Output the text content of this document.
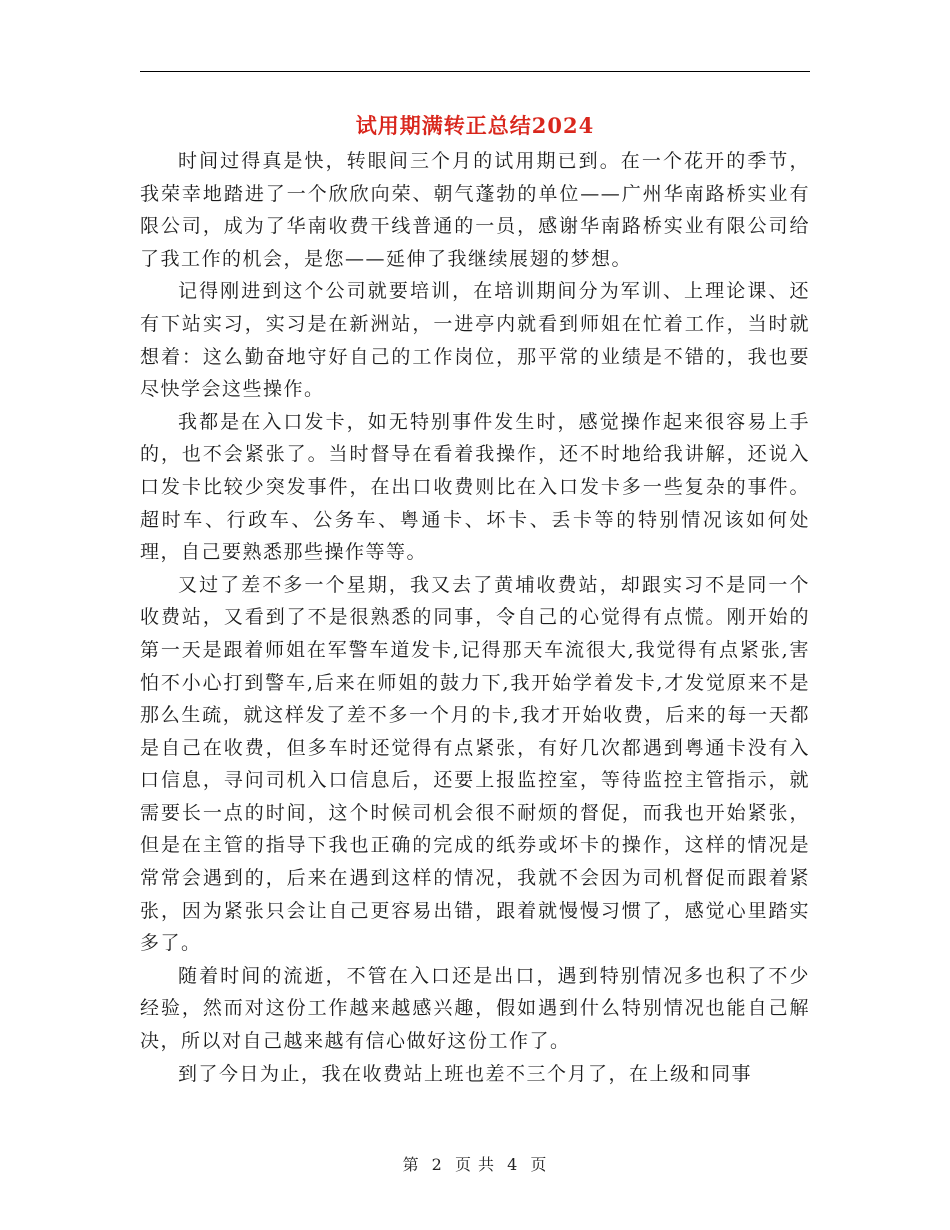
试用期满转正总结2024

时间过得真是快，转眼间三个月的试用期已到。在一个花开的季节，我荣幸地踏进了一个欣欣向荣、朝气蓬勃的单位——广州华南路桥实业有限公司，成为了华南收费干线普通的一员，感谢华南路桥实业有限公司给了我工作的机会，是您——延伸了我继续展翅的梦想。

记得刚进到这个公司就要培训，在培训期间分为军训、上理论课、还有下站实习，实习是在新洲站，一进亭内就看到师姐在忙着工作，当时就想着：这么勤奋地守好自己的工作岗位，那平常的业绩是不错的，我也要尽快学会这些操作。

我都是在入口发卡，如无特别事件发生时，感觉操作起来很容易上手的，也不会紧张了。当时督导在看着我操作，还不时地给我讲解，还说入口发卡比较少突发事件，在出口收费则比在入口发卡多一些复杂的事件。超时车、行政车、公务车、粤通卡、坏卡、丢卡等的特别情况该如何处理，自己要熟悉那些操作等等。

又过了差不多一个星期，我又去了黄埔收费站，却跟实习不是同一个收费站，又看到了不是很熟悉的同事，令自己的心觉得有点慌。刚开始的第一天是跟着师姐在军警车道发卡,记得那天车流很大,我觉得有点紧张,害怕不小心打到警车,后来在师姐的鼓力下,我开始学着发卡,才发觉原来不是那么生疏，就这样发了差不多一个月的卡,我才开始收费，后来的每一天都是自己在收费，但多车时还觉得有点紧张，有好几次都遇到粤通卡没有入口信息，寻问司机入口信息后，还要上报监控室，等待监控主管指示，就需要长一点的时间，这个时候司机会很不耐烦的督促，而我也开始紧张，但是在主管的指导下我也正确的完成的纸券或坏卡的操作，这样的情况是常常会遇到的，后来在遇到这样的情况，我就不会因为司机督促而跟着紧张，因为紧张只会让自己更容易出错，跟着就慢慢习惯了，感觉心里踏实多了。

随着时间的流逝，不管在入口还是出口，遇到特别情况多也积了不少经验，然而对这份工作越来越感兴趣，假如遇到什么特别情况也能自己解决，所以对自己越来越有信心做好这份工作了。

到了今日为止，我在收费站上班也差不三个月了，在上级和同事

第 2 页 共 4 页
